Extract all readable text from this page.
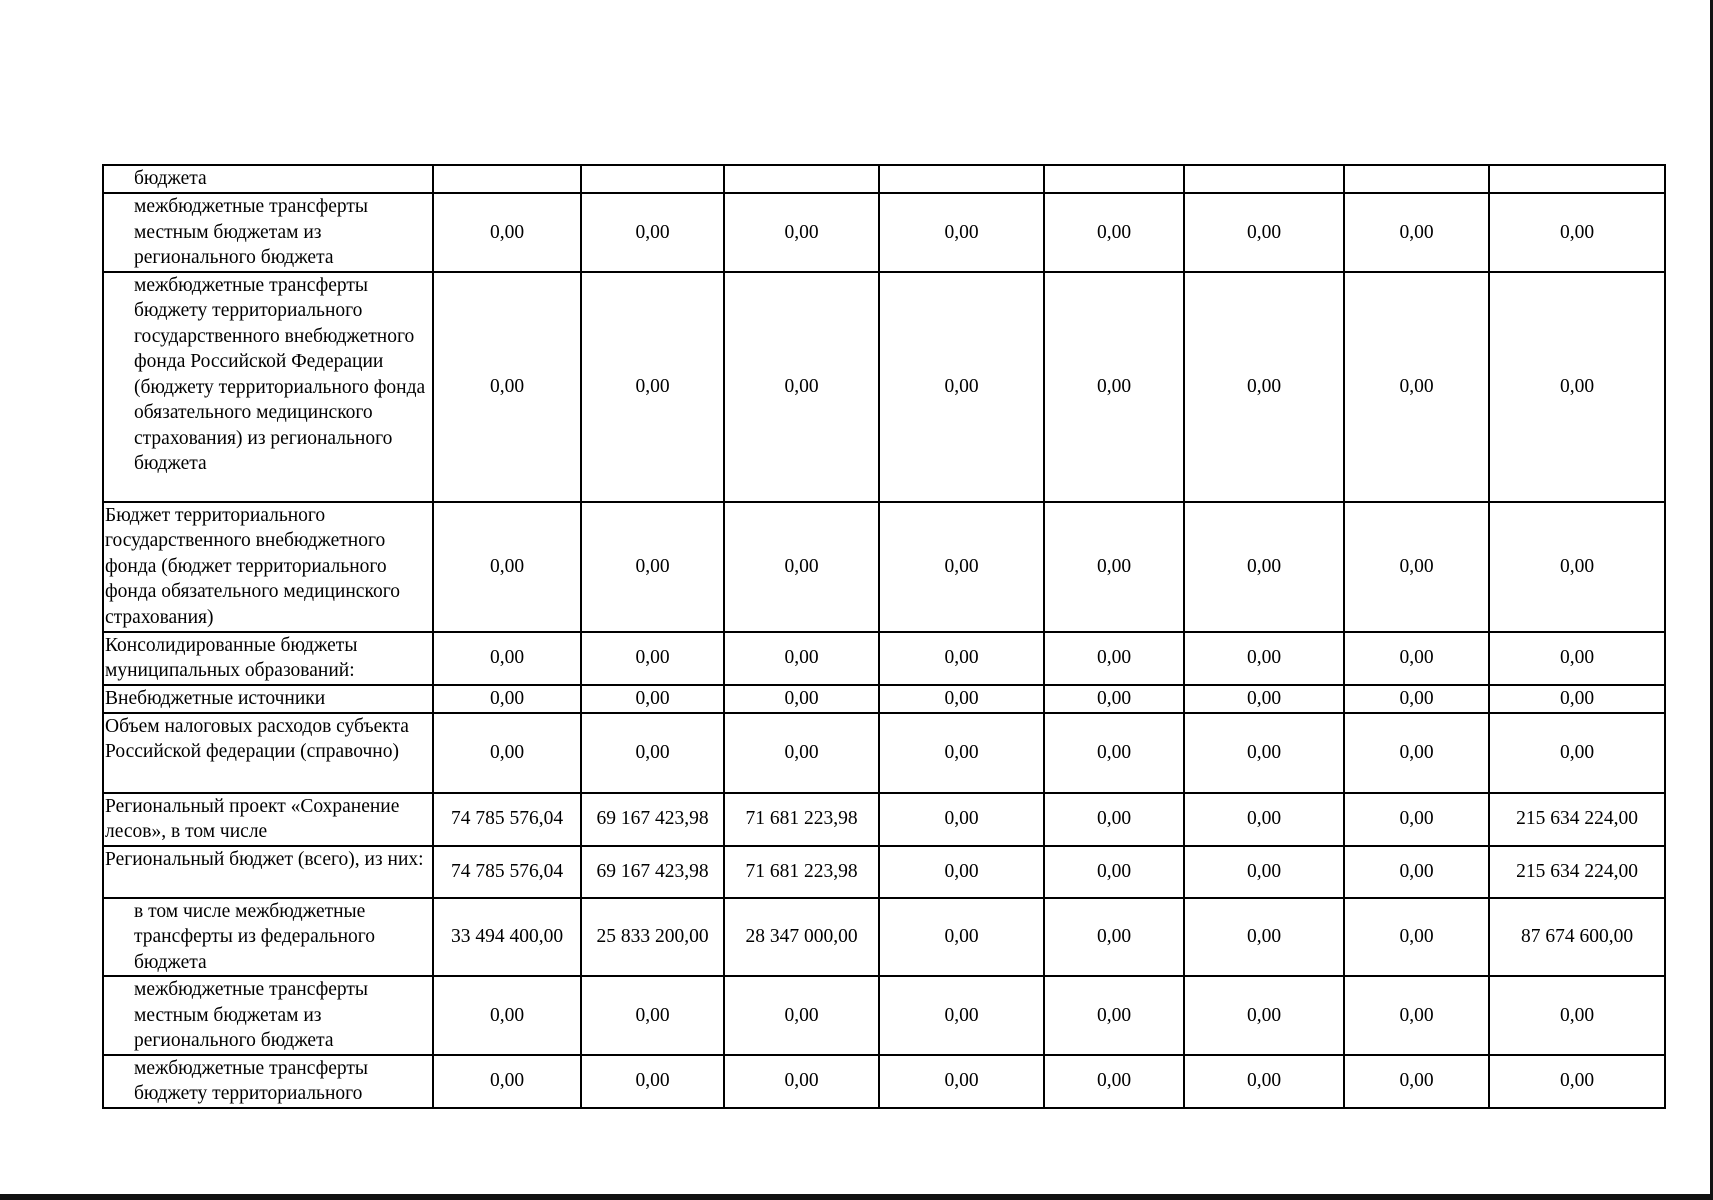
бюджета								
межбюджетные трансферты местным бюджетам из регионального бюджета	0,00	0,00	0,00	0,00	0,00	0,00	0,00	0,00
межбюджетные трансферты бюджету территориального государственного внебюджетного фонда Российской Федерации (бюджету территориального фонда обязательного медицинского страхования) из регионального бюджета	0,00	0,00	0,00	0,00	0,00	0,00	0,00	0,00
Бюджет территориального государственного внебюджетного фонда (бюджет территориального фонда обязательного медицинского страхования)	0,00	0,00	0,00	0,00	0,00	0,00	0,00	0,00
Консолидированные бюджеты муниципальных образований:	0,00	0,00	0,00	0,00	0,00	0,00	0,00	0,00
Внебюджетные источники	0,00	0,00	0,00	0,00	0,00	0,00	0,00	0,00
Объем налоговых расходов субъекта Российской федерации (справочно)	0,00	0,00	0,00	0,00	0,00	0,00	0,00	0,00
Региональный проект «Сохранение лесов», в том числе	74 785 576,04	69 167 423,98	71 681 223,98	0,00	0,00	0,00	0,00	215 634 224,00
Региональный бюджет (всего), из них:	74 785 576,04	69 167 423,98	71 681 223,98	0,00	0,00	0,00	0,00	215 634 224,00
в том числе межбюджетные трансферты из федерального бюджета	33 494 400,00	25 833 200,00	28 347 000,00	0,00	0,00	0,00	0,00	87 674 600,00
межбюджетные трансферты местным бюджетам из регионального бюджета	0,00	0,00	0,00	0,00	0,00	0,00	0,00	0,00
межбюджетные трансферты бюджету территориального	0,00	0,00	0,00	0,00	0,00	0,00	0,00	0,00
